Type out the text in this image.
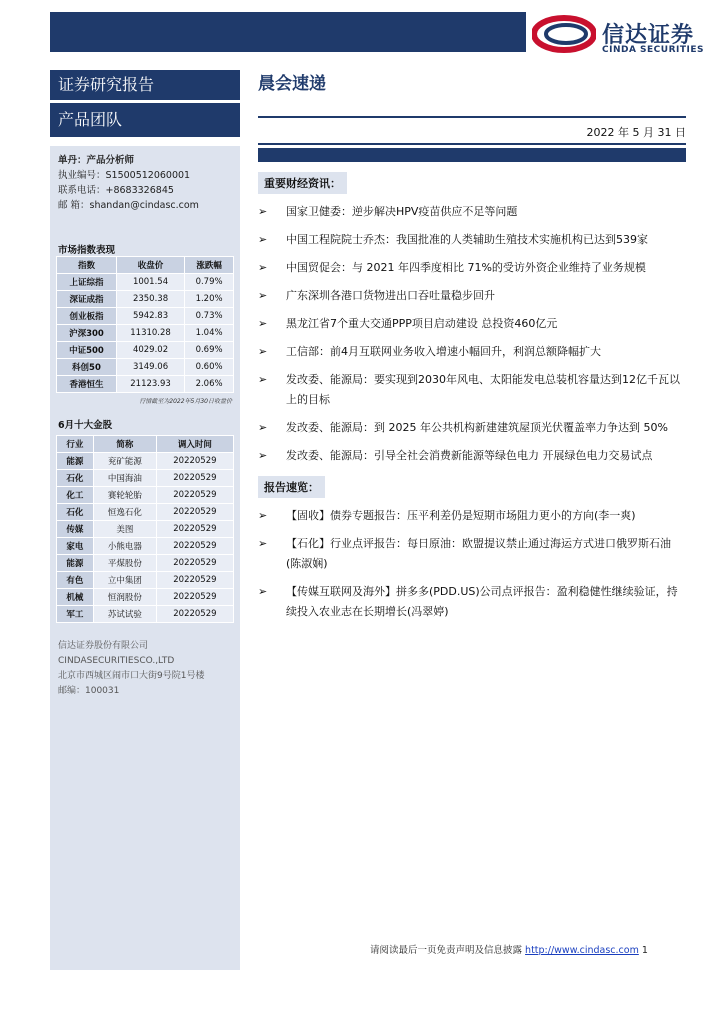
信达证券
CINDA SECURITIES
证券研究报告
产品团队
单丹：产品分析师
执业编号：S1500512060001
联系电话：+8683326845
邮 箱：shandan@cindasc.com
市场指数表现
指数	收盘价	涨跌幅
上证综指	1001.54	0.79%
深证成指	2350.38	1.20%
创业板指	5942.83	0.73%
沪深300	11310.28	1.04%
中证500	4029.02	0.69%
科创50	3149.06	0.60%
香港恒生	21123.93	2.06%
行情截至为2022年5月30日收盘价
6月十大金股
行业	简称	调入时间
能源	兖矿能源	20220529
石化	中国海油	20220529
化工	赛轮轮胎	20220529
石化	恒逸石化	20220529
传媒	美图	20220529
家电	小熊电器	20220529
能源	平煤股份	20220529
有色	立中集团	20220529
机械	恒润股份	20220529
军工	苏试试验	20220529
信达证券股份有限公司
CINDASECURITIESCO.,LTD
北京市西城区闹市口大街9号院1号楼
邮编：100031
晨会速递
2022 年 5 月 31 日
重要财经资讯：
➢ 国家卫健委：逆步解决HPV疫苗供应不足等问题
➢ 中国工程院院士乔杰：我国批准的人类辅助生殖技术实施机构已达到539家
➢ 中国贸促会：与 2021 年四季度相比 71%的受访外资企业维持了业务规模
➢ 广东深圳各港口货物进出口吞吐量稳步回升
➢ 黑龙江省7个重大交通PPP项目启动建设 总投资460亿元
➢ 工信部：前4月互联网业务收入增速小幅回升，利润总额降幅扩大
➢ 发改委、能源局：要实现到2030年风电、太阳能发电总装机容量达到12亿千瓦以上的目标
➢ 发改委、能源局：到 2025 年公共机构新建建筑屋顶光伏覆盖率力争达到 50%
➢ 发改委、能源局：引导全社会消费新能源等绿色电力 开展绿色电力交易试点
报告速览：
➢ 【固收】债券专题报告：压平利差仍是短期市场阻力更小的方向(李一爽)
➢ 【石化】行业点评报告：每日原油：欧盟提议禁止通过海运方式进口俄罗斯石油(陈淑娴)
➢ 【传媒互联网及海外】拼多多(PDD.US)公司点评报告：盈利稳健性继续验证，持续投入农业志在长期增长(冯翠婷)
请阅读最后一页免责声明及信息披露 http://www.cindasc.com 1
